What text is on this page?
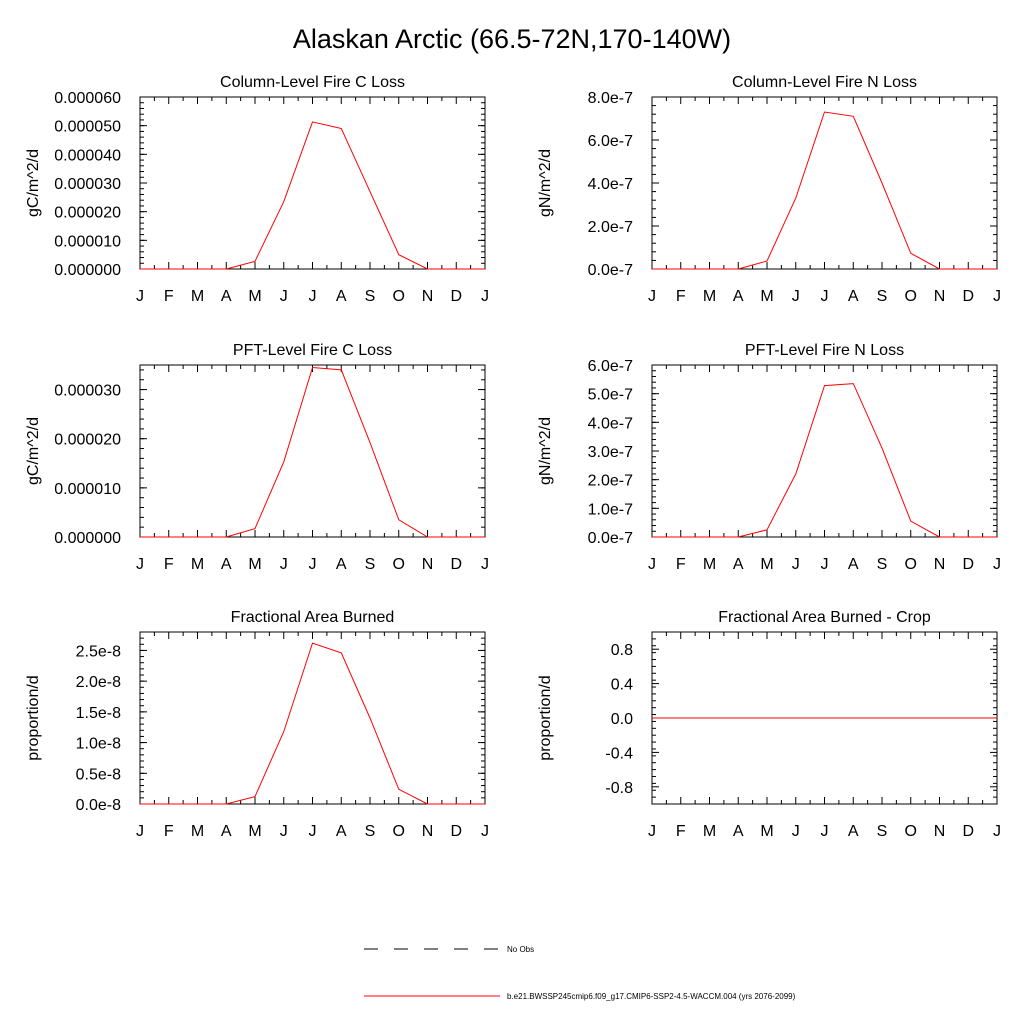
Alaskan Arctic (66.5-72N,170-140W)
Column-Level Fire C Loss
gC/m^2/d
J F M A M J J A S O N D J
0.000000
0.000010
0.000020
0.000030
0.000040
0.000050
0.000060
Column-Level Fire N Loss
gN/m^2/d
J F M A M J J A S O N D J
0.0e-7
2.0e-7
4.0e-7
6.0e-7
8.0e-7
PFT-Level Fire C Loss
gC/m^2/d
J F M A M J J A S O N D J
0.000000
0.000010
0.000020
0.000030
PFT-Level Fire N Loss
gN/m^2/d
J F M A M J J A S O N D J
0.0e-7
1.0e-7
2.0e-7
3.0e-7
4.0e-7
5.0e-7
6.0e-7
Fractional Area Burned
proportion/d
J F M A M J J A S O N D J
0.0e-8
0.5e-8
1.0e-8
1.5e-8
2.0e-8
2.5e-8
Fractional Area Burned - Crop
proportion/d
J F M A M J J A S O N D J
-0.8
-0.4
0.0
0.4
0.8
No Obs
b.e21.BWSSP245cmip6.f09_g17.CMIP6-SSP2-4.5-WACCM.004 (yrs 2076-2099)
